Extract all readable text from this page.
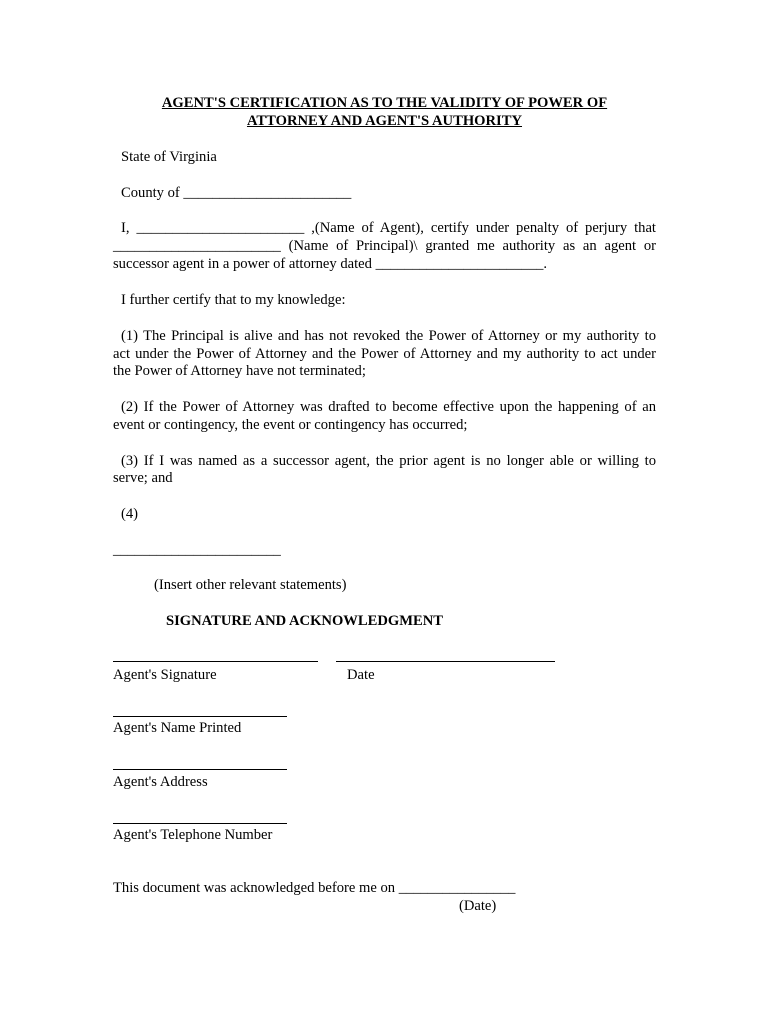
AGENT'S CERTIFICATION AS TO THE VALIDITY OF POWER OF
ATTORNEY AND AGENT'S AUTHORITY
State of Virginia
County of _______________________
I, _______________________ ,(Name of Agent), certify under penalty of perjury that
_______________________ (Name of Principal)\ granted me authority as an agent or
successor agent in a power of attorney dated _______________________.
I further certify that to my knowledge:
(1) The Principal is alive and has not revoked the Power of Attorney or my authority to
act under the Power of Attorney and the Power of Attorney and my authority to act under
the Power of Attorney have not terminated;
(2) If the Power of Attorney was drafted to become effective upon the happening of an
event or contingency, the event or contingency has occurred;
(3) If I was named as a successor agent, the prior agent is no longer able or willing to
serve; and
(4)
_______________________
(Insert other relevant statements)
SIGNATURE AND ACKNOWLEDGMENT
Agent's Signature	Date
Agent's Name Printed
Agent's Address
Agent's Telephone Number
This document was acknowledged before me on ________________
(Date)
